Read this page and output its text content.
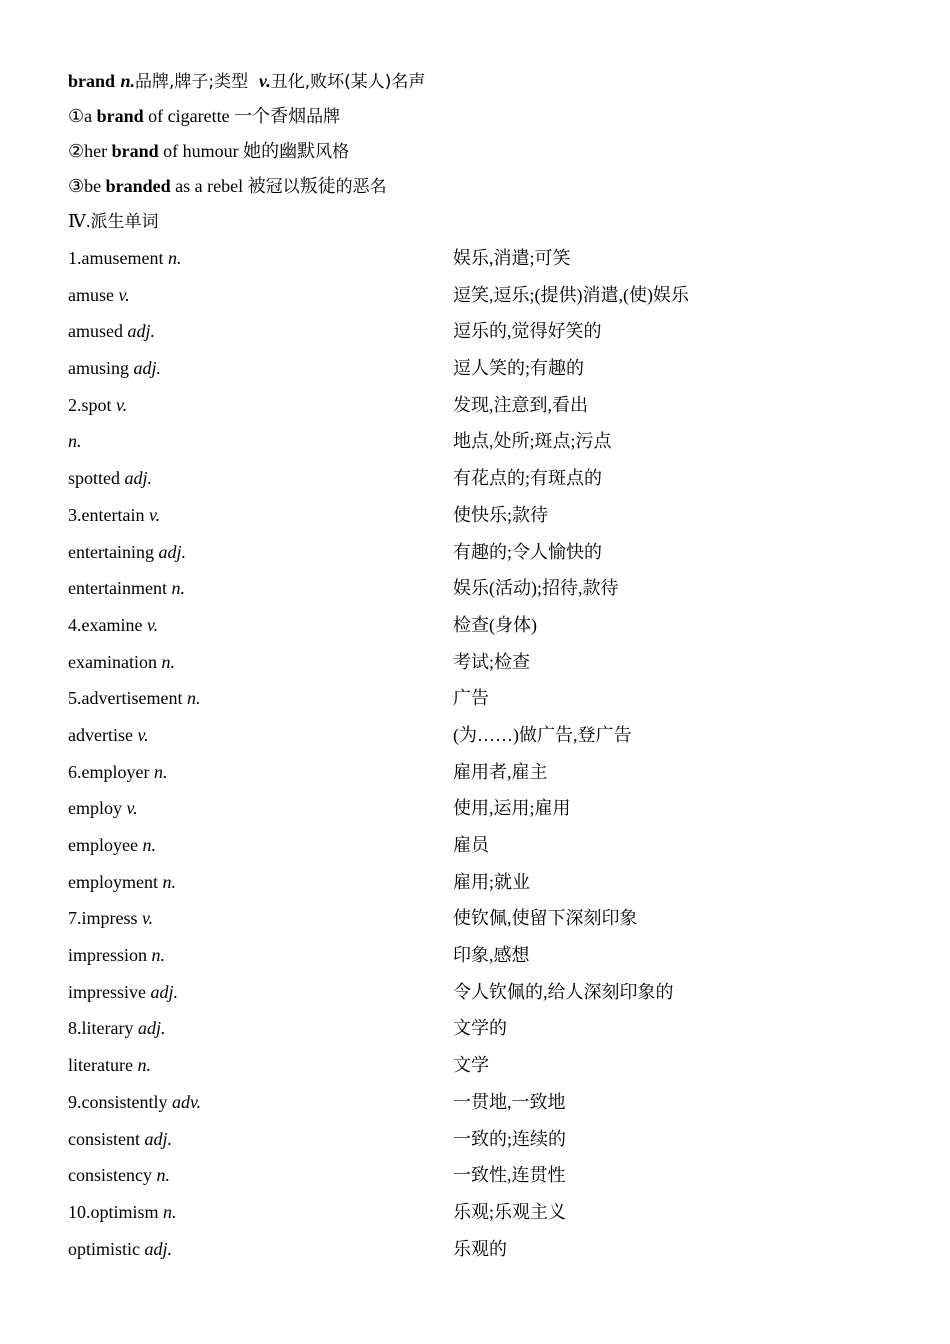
brand n.品牌,牌子;类型 v.丑化,败坏(某人)名声
①a brand of cigarette 一个香烟品牌
②her brand of humour 她的幽默风格
③be branded as a rebel 被冠以叛徒的恶名
Ⅳ.派生单词
1.amusement n.	娱乐,消遣;可笑
amuse v.	逗笑,逗乐;(提供)消遣,(使)娱乐
amused adj.	逗乐的,觉得好笑的
amusing adj.	逗人笑的;有趣的
2.spot v.	发现,注意到,看出
n.	地点,处所;斑点;污点
spotted adj.	有花点的;有斑点的
3.entertain v.	使快乐;款待
entertaining adj.	有趣的;令人愉快的
entertainment n.	娱乐(活动);招待,款待
4.examine v.	检查(身体)
examination n.	考试;检查
5.advertisement n.	广告
advertise v.	(为……)做广告,登广告
6.employer n.	雇用者,雇主
employ v.	使用,运用;雇用
employee n.	雇员
employment n.	雇用;就业
7.impress v.	使钦佩,使留下深刻印象
impression n.	印象,感想
impressive adj.	令人钦佩的,给人深刻印象的
8.literary adj.	文学的
literature n.	文学
9.consistently adv.	一贯地,一致地
consistent adj.	一致的;连续的
consistency n.	一致性,连贯性
10.optimism n.	乐观;乐观主义
optimistic adj.	乐观的
